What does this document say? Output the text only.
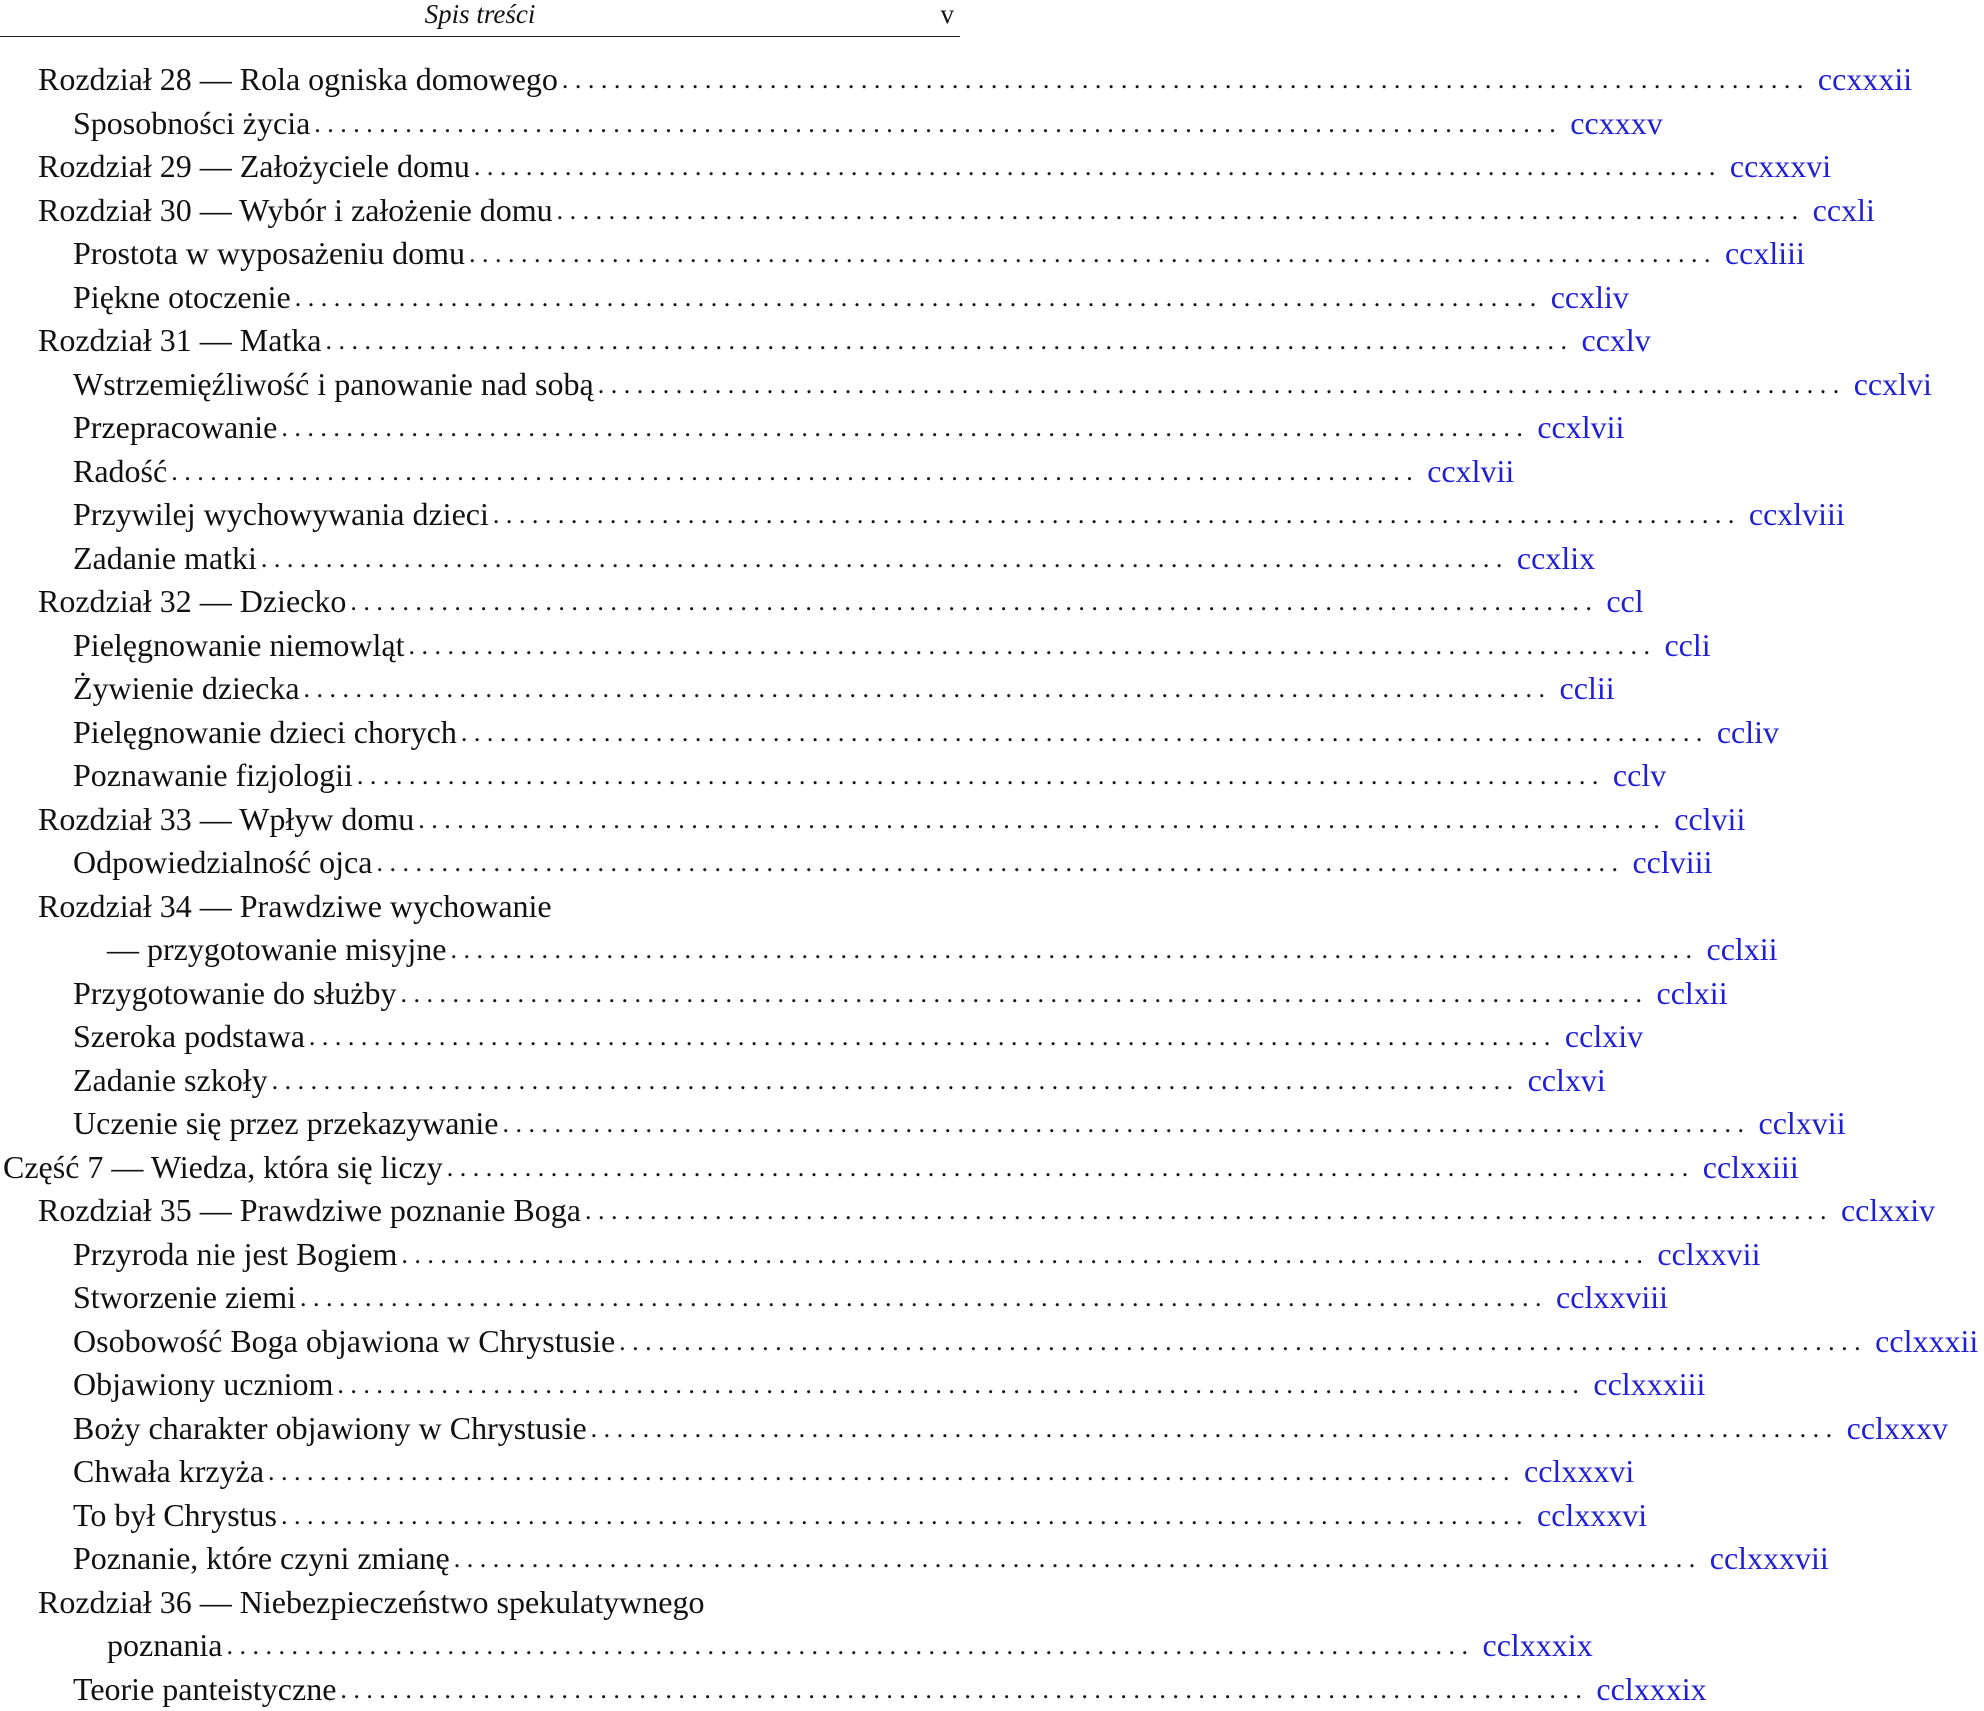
Spis treści	v
Rozdział 28 — Rola ogniska domowego ................................................................................................ ccxxxii
Sposobności życia ................................................................................................ ccxxxv
Rozdział 29 — Założyciele domu ................................................................................................ ccxxxvi
Rozdział 30 — Wybór i założenie domu ................................................................................................ ccxli
Prostota w wyposażeniu domu ................................................................................................ ccxliii
Piękne otoczenie ................................................................................................ ccxliv
Rozdział 31 — Matka ................................................................................................ ccxlv
Wstrzemięźliwość i panowanie nad sobą ................................................................................................ ccxlvi
Przepracowanie ................................................................................................ ccxlvii
Radość ................................................................................................ ccxlvii
Przywilej wychowywania dzieci ................................................................................................ ccxlviii
Zadanie matki ................................................................................................ ccxlix
Rozdział 32 — Dziecko ................................................................................................ ccl
Pielęgnowanie niemowląt ................................................................................................ ccli
Żywienie dziecka ................................................................................................ cclii
Pielęgnowanie dzieci chorych ................................................................................................ ccliv
Poznawanie fizjologii ................................................................................................ cclv
Rozdział 33 — Wpływ domu ................................................................................................ cclvii
Odpowiedzialność ojca ................................................................................................ cclviii
Rozdział 34 — Prawdziwe wychowanie
— przygotowanie misyjne ................................................................................................ cclxii
Przygotowanie do służby ................................................................................................ cclxii
Szeroka podstawa ................................................................................................ cclxiv
Zadanie szkoły ................................................................................................ cclxvi
Uczenie się przez przekazywanie ................................................................................................ cclxvii
Część 7 — Wiedza, która się liczy ................................................................................................ cclxxiii
Rozdział 35 — Prawdziwe poznanie Boga ................................................................................................ cclxxiv
Przyroda nie jest Bogiem ................................................................................................ cclxxvii
Stworzenie ziemi ................................................................................................ cclxxviii
Osobowość Boga objawiona w Chrystusie ................................................................................................ cclxxxii
Objawiony uczniom ................................................................................................ cclxxxiii
Boży charakter objawiony w Chrystusie ................................................................................................ cclxxxv
Chwała krzyża ................................................................................................ cclxxxvi
To był Chrystus ................................................................................................ cclxxxvi
Poznanie, które czyni zmianę ................................................................................................ cclxxxvii
Rozdział 36 — Niebezpieczeństwo spekulatywnego
poznania ................................................................................................ cclxxxix
Teorie panteistyczne ................................................................................................ cclxxxix
